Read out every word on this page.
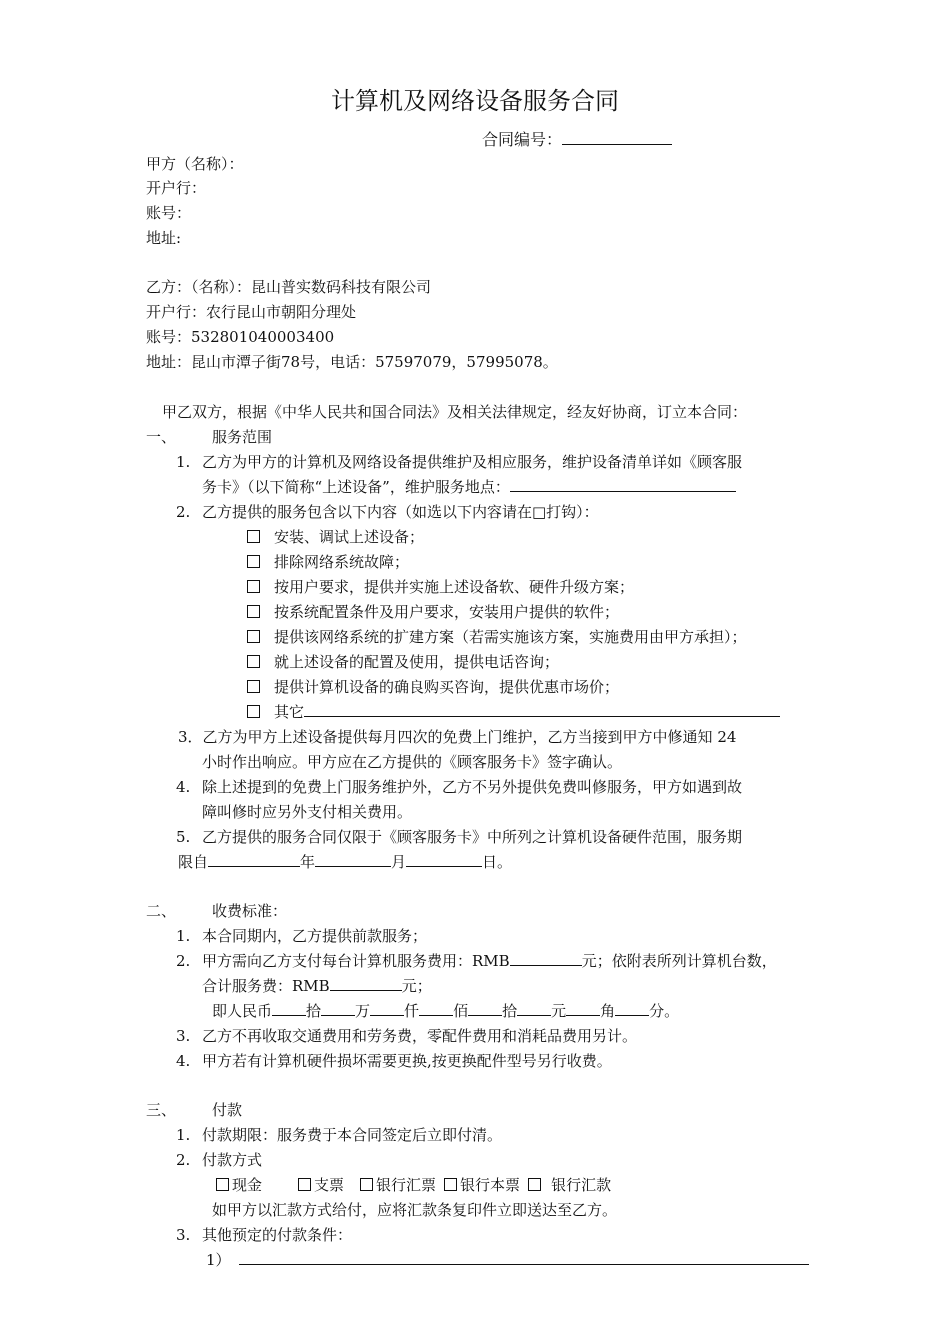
计算机及网络设备服务合同
合同编号：
甲方（名称）：
开户行：
账号：
地址:
乙方：（名称）：昆山普实数码科技有限公司
开户行：农行昆山市朝阳分理处
账号：532801040003400
地址：昆山市潭子街78号，电话：57597079，57995078。
甲乙双方，根据《中华人民共和国合同法》及相关法律规定，经友好协商，订立本合同：
一、 服务范围
1. 乙方为甲方的计算机及网络设备提供维护及相应服务，维护设备清单详如《顾客服
务卡》（以下简称“上述设备”，维护服务地点：
2. 乙方提供的服务包含以下内容（如选以下内容请在□打钩）：
安装、调试上述设备；
排除网络系统故障；
按用户要求，提供并实施上述设备软、硬件升级方案；
按系统配置条件及用户要求，安装用户提供的软件；
提供该网络系统的扩建方案（若需实施该方案，实施费用由甲方承担）；
就上述设备的配置及使用，提供电话咨询；
提供计算机设备的确良购买咨询，提供优惠市场价；
其它
3．乙方为甲方上述设备提供每月四次的免费上门维护，乙方当接到甲方中修通知 24
小时作出响应。甲方应在乙方提供的《顾客服务卡》签字确认。
4. 除上述提到的免费上门服务维护外，乙方不另外提供免费叫修服务，甲方如遇到故
障叫修时应另外支付相关费用。
5. 乙方提供的服务合同仅限于《顾客服务卡》中所列之计算机设备硬件范围，服务期
限自	年	月	日。
二、 收费标准：
1. 本合同期内，乙方提供前款服务；
2. 甲方需向乙方支付每台计算机服务费用：RMB	元；依附表所列计算机台数，
合计服务费：RMB	元；
即人民币 拾 万 仟 佰 拾 元 角 分。
3. 乙方不再收取交通费用和劳务费，零配件费用和消耗品费用另计。
4. 甲方若有计算机硬件损坏需要更换,按更换配件型号另行收费。
三、 付款
1. 付款期限：服务费于本合同签定后立即付清。
2. 付款方式
现金	支票 银行汇票 银行本票 银行汇款
如甲方以汇款方式给付，应将汇款条复印件立即送达至乙方。
3. 其他预定的付款条件：
1）
